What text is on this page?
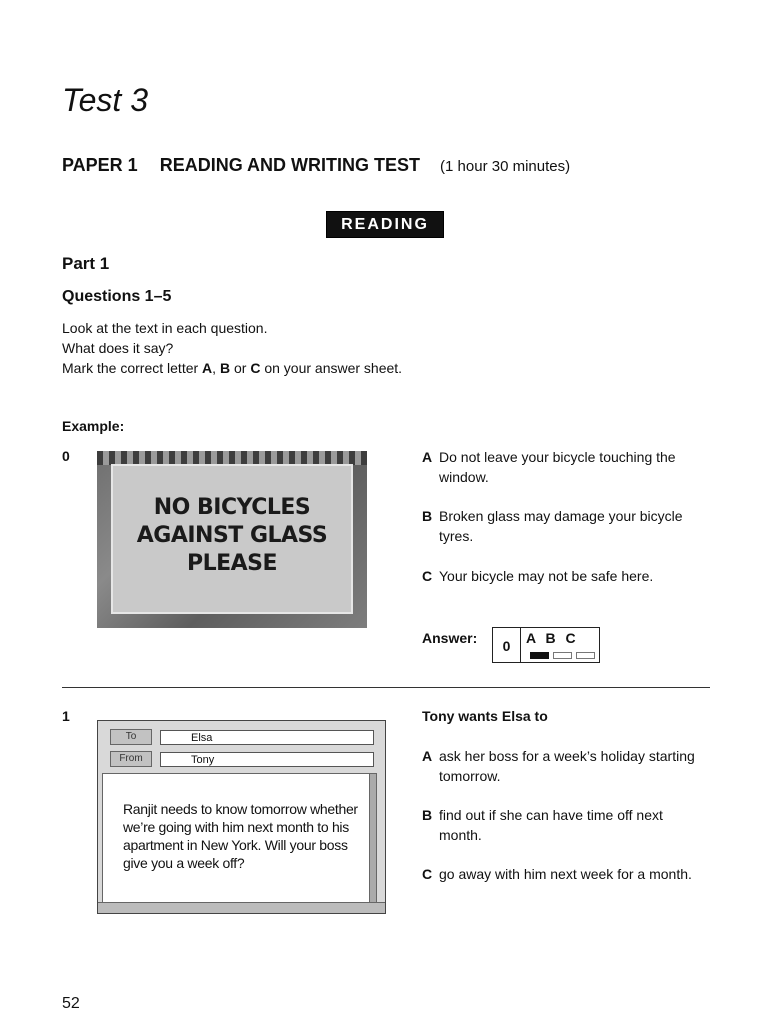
Test 3
PAPER 1 READING AND WRITING TEST (1 hour 30 minutes)
READING
Part 1
Questions 1–5
Look at the text in each question.
What does it say?
Mark the correct letter A, B or C on your answer sheet.
Example:
0
NO BICYCLES
AGAINST GLASS
PLEASE
A Do not leave your bicycle touching the window.
B Broken glass may damage your bicycle tyres.
C Your bicycle may not be safe here.
Answer:	0	A B C
1
To	Elsa
From	Tony
Ranjit needs to know tomorrow whether we’re going with him next month to his apartment in New York. Will your boss give you a week off?
Tony wants Elsa to
A ask her boss for a week’s holiday starting tomorrow.
B find out if she can have time off next month.
C go away with him next week for a month.
52
